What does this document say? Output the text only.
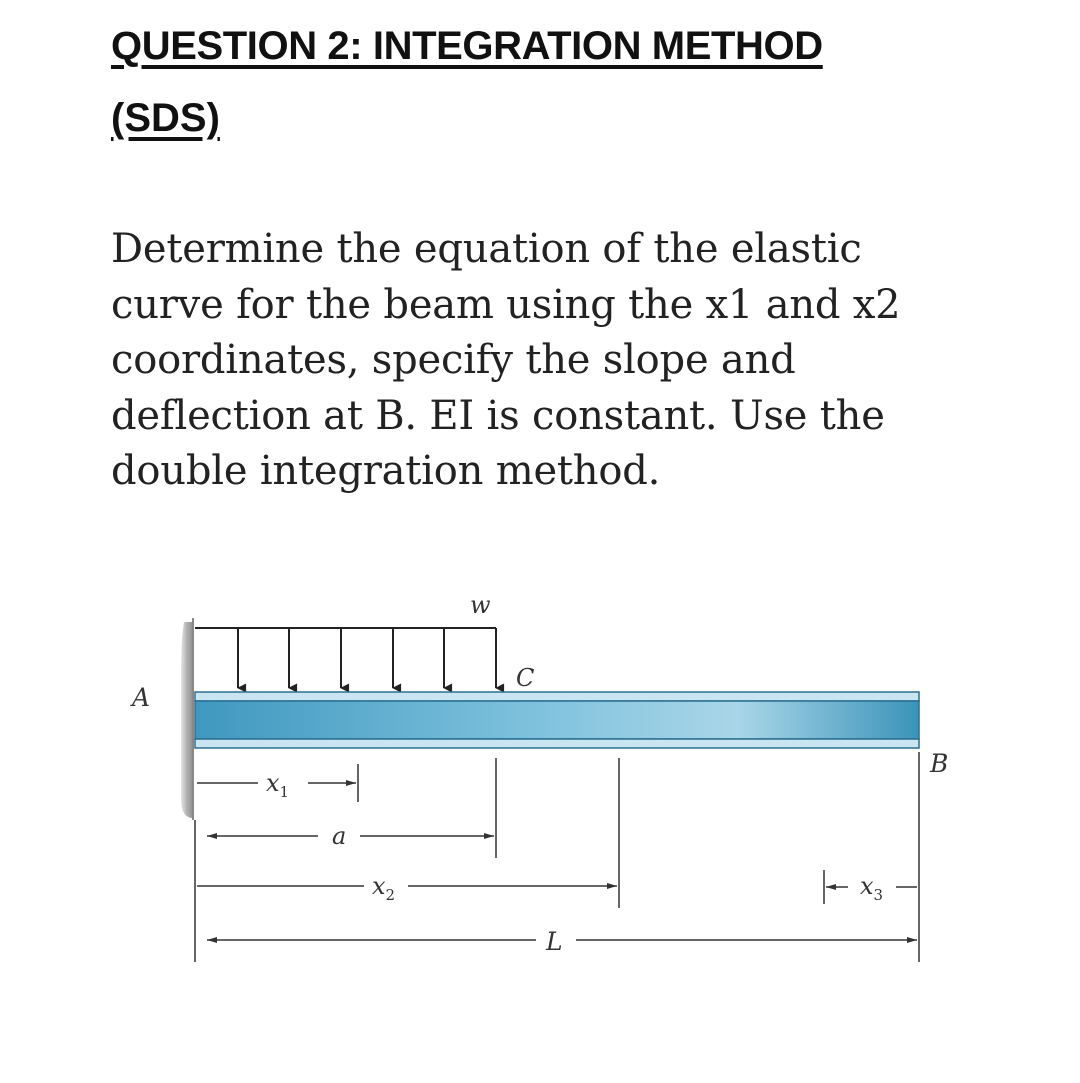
QUESTION 2: INTEGRATION METHOD
(SDS)
Determine the equation of the elastic
curve for the beam using the x1 and x2
coordinates, specify the slope and
deflection at B. EI is constant. Use the
double integration method.
w
C
A
B
$x_1$
a
$x_2$	$x_3$
L
